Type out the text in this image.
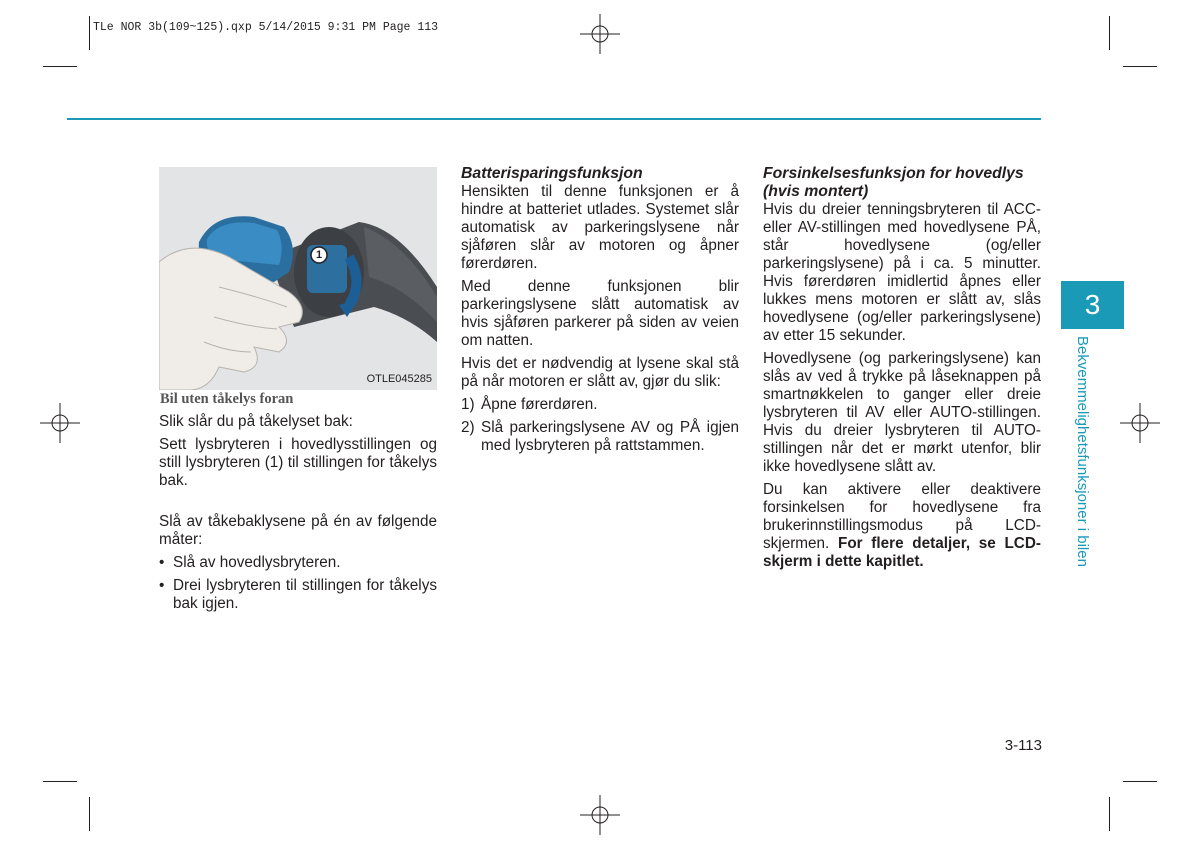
TLe NOR 3b(109~125).qxp 5/14/2015 9:31 PM Page 113
1
OTLE045285
Bil uten tåkelys foran

Slik slår du på tåkelyset bak:

Sett lysbryteren i hovedlysstillingen og still lysbryteren (1) til stillingen for tåkelys bak.

Slå av tåkebaklysene på én av følgende måter:

• Slå av hovedlysbryteren.
• Drei lysbryteren til stillingen for tåkelys bak igjen.
Batterisparingsfunksjon

Hensikten til denne funksjonen er å hindre at batteriet utlades. Systemet slår automatisk av parkeringslysene når sjåføren slår av motoren og åpner førerdøren.

Med denne funksjonen blir parkeringslysene slått automatisk av hvis sjåføren parkerer på siden av veien om natten.

Hvis det er nødvendig at lysene skal stå på når motoren er slått av, gjør du slik:

1) Åpne førerdøren.
2) Slå parkeringslysene AV og PÅ igjen med lysbryteren på rattstammen.
Forsinkelsesfunksjon for hovedlys (hvis montert)

Hvis du dreier tenningsbryteren til ACC- eller AV-stillingen med hovedlysene PÅ, står hovedlysene (og/eller parkeringslysene) på i ca. 5 minutter. Hvis førerdøren imidlertid åpnes eller lukkes mens motoren er slått av, slås hovedlysene (og/eller parkeringslysene) av etter 15 sekunder.

Hovedlysene (og parkeringslysene) kan slås av ved å trykke på låseknappen på smartnøkkelen to ganger eller dreie lysbryteren til AV eller AUTO-stillingen. Hvis du dreier lysbryteren til AUTO-stillingen når det er mørkt utenfor, blir ikke hovedlysene slått av.

Du kan aktivere eller deaktivere forsinkelsen for hovedlysene fra brukerinnstillingsmodus på LCD-skjermen. For flere detaljer, se LCD-skjerm i dette kapitlet.

3
Bekvemmelighetsfunksjoner i bilen
3-113
